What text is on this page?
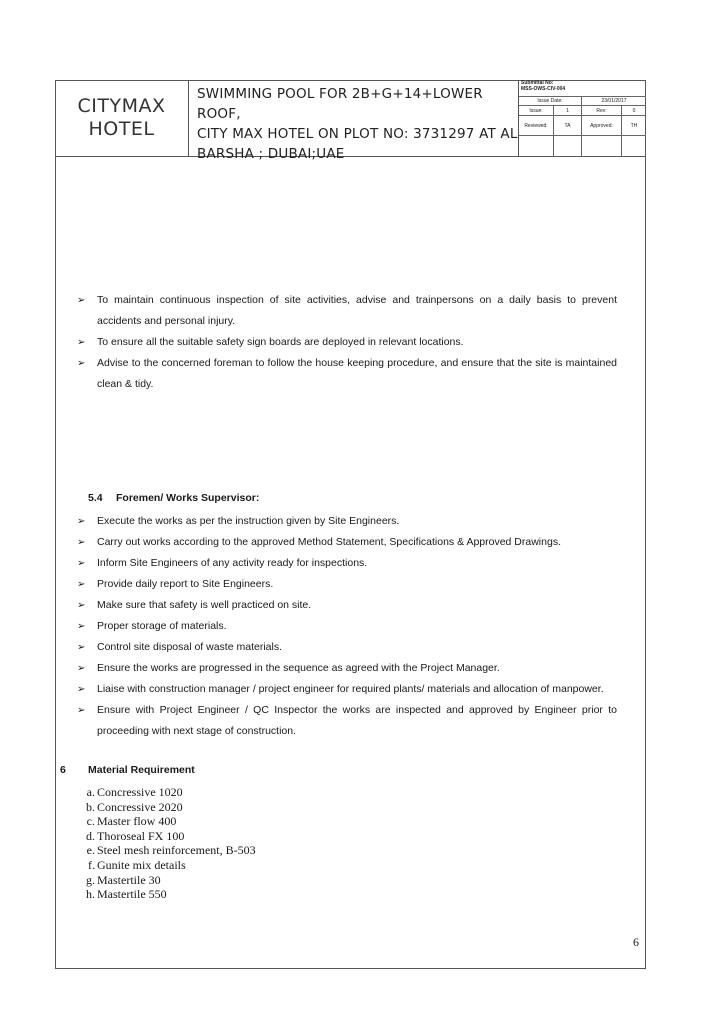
CITYMAX
HOTEL
SWIMMING POOL FOR 2B+G+14+LOWER ROOF,
CITY MAX HOTEL ON PLOT NO: 3731297 AT AL
BARSHA ; DUBAI;UAE
Submittal No:
MSS-OWS-CIV-004
Issue Date:	23/01/2017
Issue:	1	Rev:	0
Reviewed:	TA	Approved:	TH
➢	To maintain continuous inspection of site activities, advise and trainpersons on a daily basis to prevent accidents and personal injury.
➢	To ensure all the suitable safety sign boards are deployed in relevant locations.
➢	Advise to the concerned foreman to follow the house keeping procedure, and ensure that the site is maintained clean & tidy.
5.4 Foremen/ Works Supervisor:
➢	Execute the works as per the instruction given by Site Engineers.
➢	Carry out works according to the approved Method Statement, Specifications & Approved Drawings.
➢	Inform Site Engineers of any activity ready for inspections.
➢	Provide daily report to Site Engineers.
➢	Make sure that safety is well practiced on site.
➢	Proper storage of materials.
➢	Control site disposal of waste materials.
➢	Ensure the works are progressed in the sequence as agreed with the Project Manager.
➢	Liaise with construction manager / project engineer for required plants/ materials and allocation of manpower.
➢	Ensure with Project Engineer / QC Inspector the works are inspected and approved by Engineer prior to proceeding with next stage of construction.
6 Material Requirement
a. Concressive 1020
b. Concressive 2020
c. Master flow 400
d. Thoroseal FX 100
e. Steel mesh reinforcement, B-503
f. Gunite mix details
g. Mastertile 30
h. Mastertile 550
6
